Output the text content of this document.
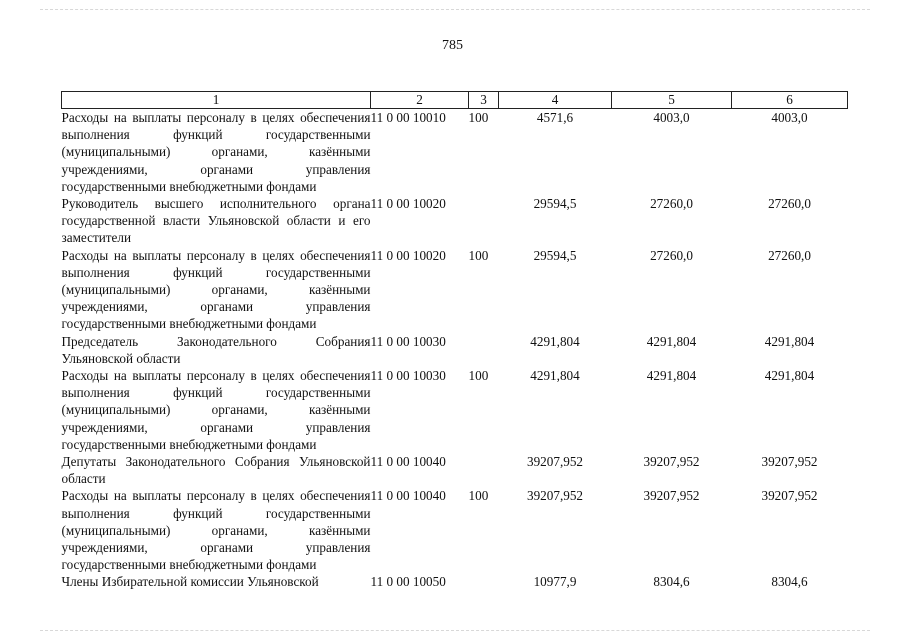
785
1	2	3	4	5	6
Расходы на выплаты персоналу в целях обеспечения выполнения функций государственными (муниципальными) органами, казёнными учреждениями, органами управления государственными внебюджетными фондами	11 0 00 10010	100	4571,6	4003,0	4003,0
Руководитель высшего исполнительного органа государственной власти Ульяновской области и его заместители	11 0 00 10020		29594,5	27260,0	27260,0
Расходы на выплаты персоналу в целях обеспечения выполнения функций государственными (муниципальными) органами, казёнными учреждениями, органами управления государственными внебюджетными фондами	11 0 00 10020	100	29594,5	27260,0	27260,0
Председатель Законодательного Собрания Ульяновской области	11 0 00 10030		4291,804	4291,804	4291,804
Расходы на выплаты персоналу в целях обеспечения выполнения функций государственными (муниципальными) органами, казёнными учреждениями, органами управления государственными внебюджетными фондами	11 0 00 10030	100	4291,804	4291,804	4291,804
Депутаты Законодательного Собрания Ульяновской области	11 0 00 10040		39207,952	39207,952	39207,952
Расходы на выплаты персоналу в целях обеспечения выполнения функций государственными (муниципальными) органами, казёнными учреждениями, органами управления государственными внебюджетными фондами	11 0 00 10040	100	39207,952	39207,952	39207,952
Члены Избирательной комиссии Ульяновской	11 0 00 10050		10977,9	8304,6	8304,6
